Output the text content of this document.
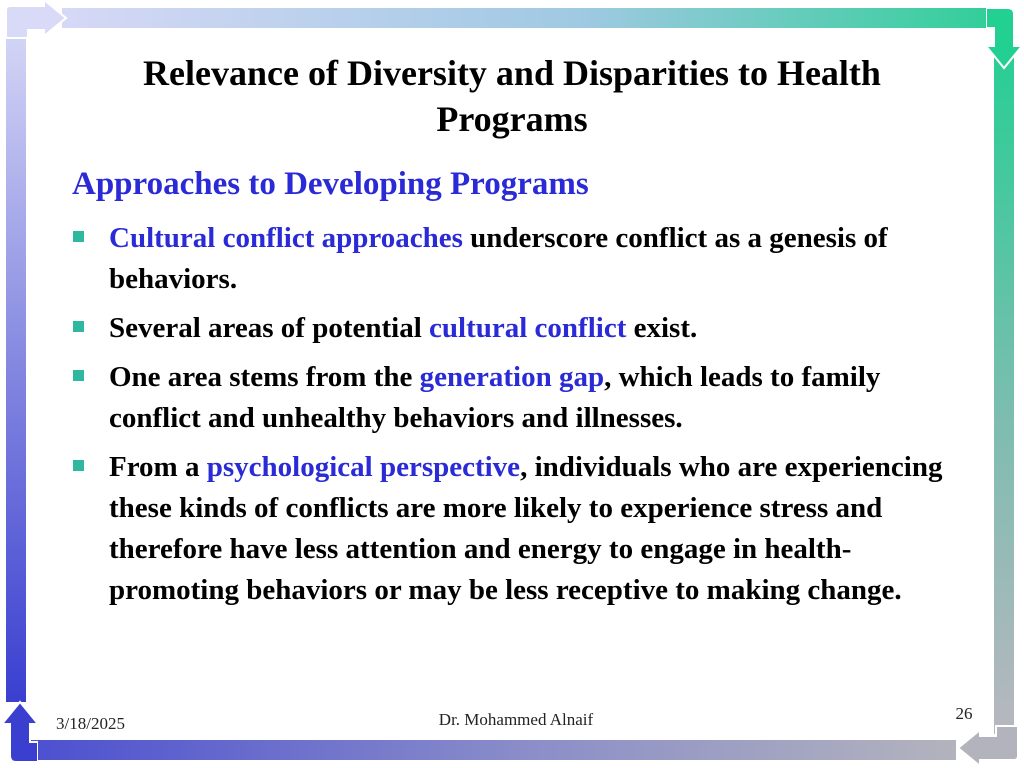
Relevance of Diversity and Disparities to Health Programs
Approaches to Developing Programs
Cultural conflict approaches underscore conflict as a genesis of behaviors.
Several areas of potential cultural conflict exist.
One area stems from the generation gap, which leads to family conflict and unhealthy behaviors and illnesses.
From a psychological perspective, individuals who are experiencing these kinds of conflicts are more likely to experience stress and therefore have less attention and energy to engage in health-promoting behaviors or may be less receptive to making change.
3/18/2025	Dr. Mohammed Alnaif	26
